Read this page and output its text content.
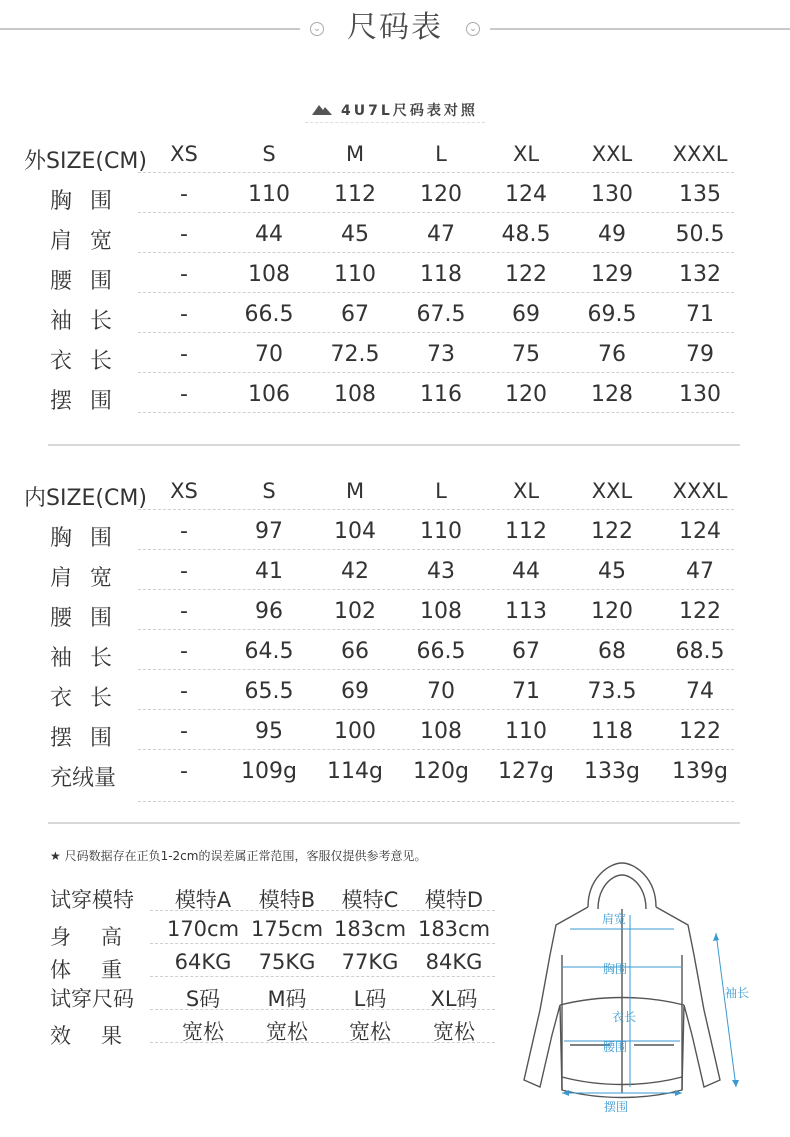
⌄	⌄
尺码表
4U7L尺码表对照
外SIZE(CM)	XS	S	M	L	XL	XXL	XXXL
胸围	-	110	112	120	124	130	135
肩宽	-	44	45	47	48.5	49	50.5
腰围	-	108	110	118	122	129	132
袖长	-	66.5	67	67.5	69	69.5	71
衣长	-	70	72.5	73	75	76	79
摆围	-	106	108	116	120	128	130
内SIZE(CM)	XS	S	M	L	XL	XXL	XXXL
胸围	-	97	104	110	112	122	124
肩宽	-	41	42	43	44	45	47
腰围	-	96	102	108	113	120	122
袖长	-	64.5	66	66.5	67	68	68.5
衣长	-	65.5	69	70	71	73.5	74
摆围	-	95	100	108	110	118	122
充绒量	-	109g	114g	120g	127g	133g	139g
★ 尺码数据存在正负1-2cm的误差属正常范围，客服仅提供参考意见。
试穿模特	模特A	模特B	模特C	模特D
身高 170cm 175cm 183cm 183cm
体重	64KG	75KG	77KG	84KG
试穿尺码	S码	M码	L码	XL码
效果	宽松	宽松	宽松	宽松
肩宽
胸围
衣长
腰围
袖长
摆围
